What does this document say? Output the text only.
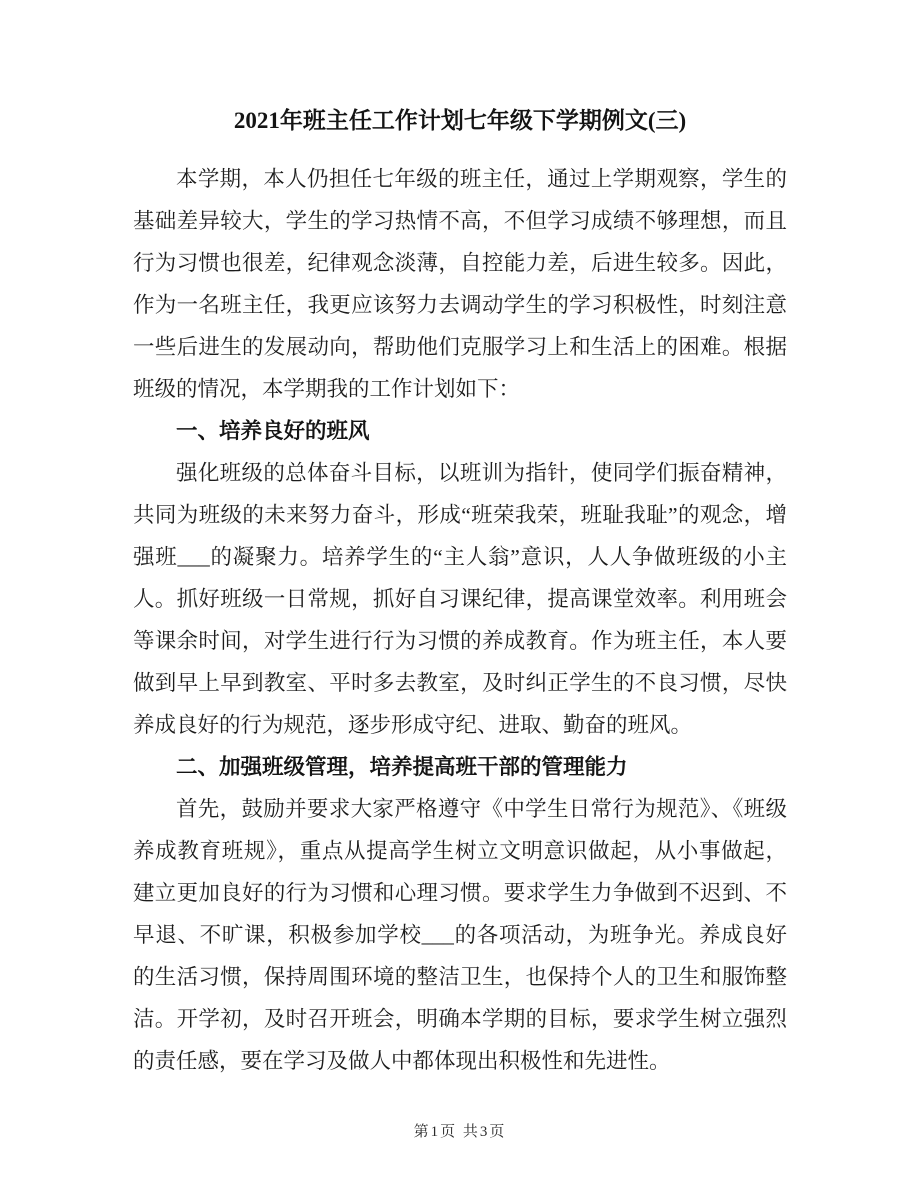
2021年班主任工作计划七年级下学期例文(三)

本学期，本人仍担任七年级的班主任，通过上学期观察，学生的基础差异较大，学生的学习热情不高，不但学习成绩不够理想，而且行为习惯也很差，纪律观念淡薄，自控能力差，后进生较多。因此，作为一名班主任，我更应该努力去调动学生的学习积极性，时刻注意一些后进生的发展动向，帮助他们克服学习上和生活上的困难。根据班级的情况，本学期我的工作计划如下：

一、培养良好的班风

强化班级的总体奋斗目标，以班训为指针，使同学们振奋精神，共同为班级的未来努力奋斗，形成“班荣我荣，班耻我耻”的观念，增强班___的凝聚力。培养学生的“主人翁”意识，人人争做班级的小主人。抓好班级一日常规，抓好自习课纪律，提高课堂效率。利用班会等课余时间，对学生进行行为习惯的养成教育。作为班主任，本人要做到早上早到教室、平时多去教室，及时纠正学生的不良习惯，尽快养成良好的行为规范，逐步形成守纪、进取、勤奋的班风。

二、加强班级管理，培养提高班干部的管理能力

首先，鼓励并要求大家严格遵守《中学生日常行为规范》、《班级养成教育班规》，重点从提高学生树立文明意识做起，从小事做起，建立更加良好的行为习惯和心理习惯。要求学生力争做到不迟到、不早退、不旷课，积极参加学校___的各项活动，为班争光。养成良好的生活习惯，保持周围环境的整洁卫生，也保持个人的卫生和服饰整洁。开学初，及时召开班会，明确本学期的目标，要求学生树立强烈的责任感，要在学习及做人中都体现出积极性和先进性。

第1页 共3页
